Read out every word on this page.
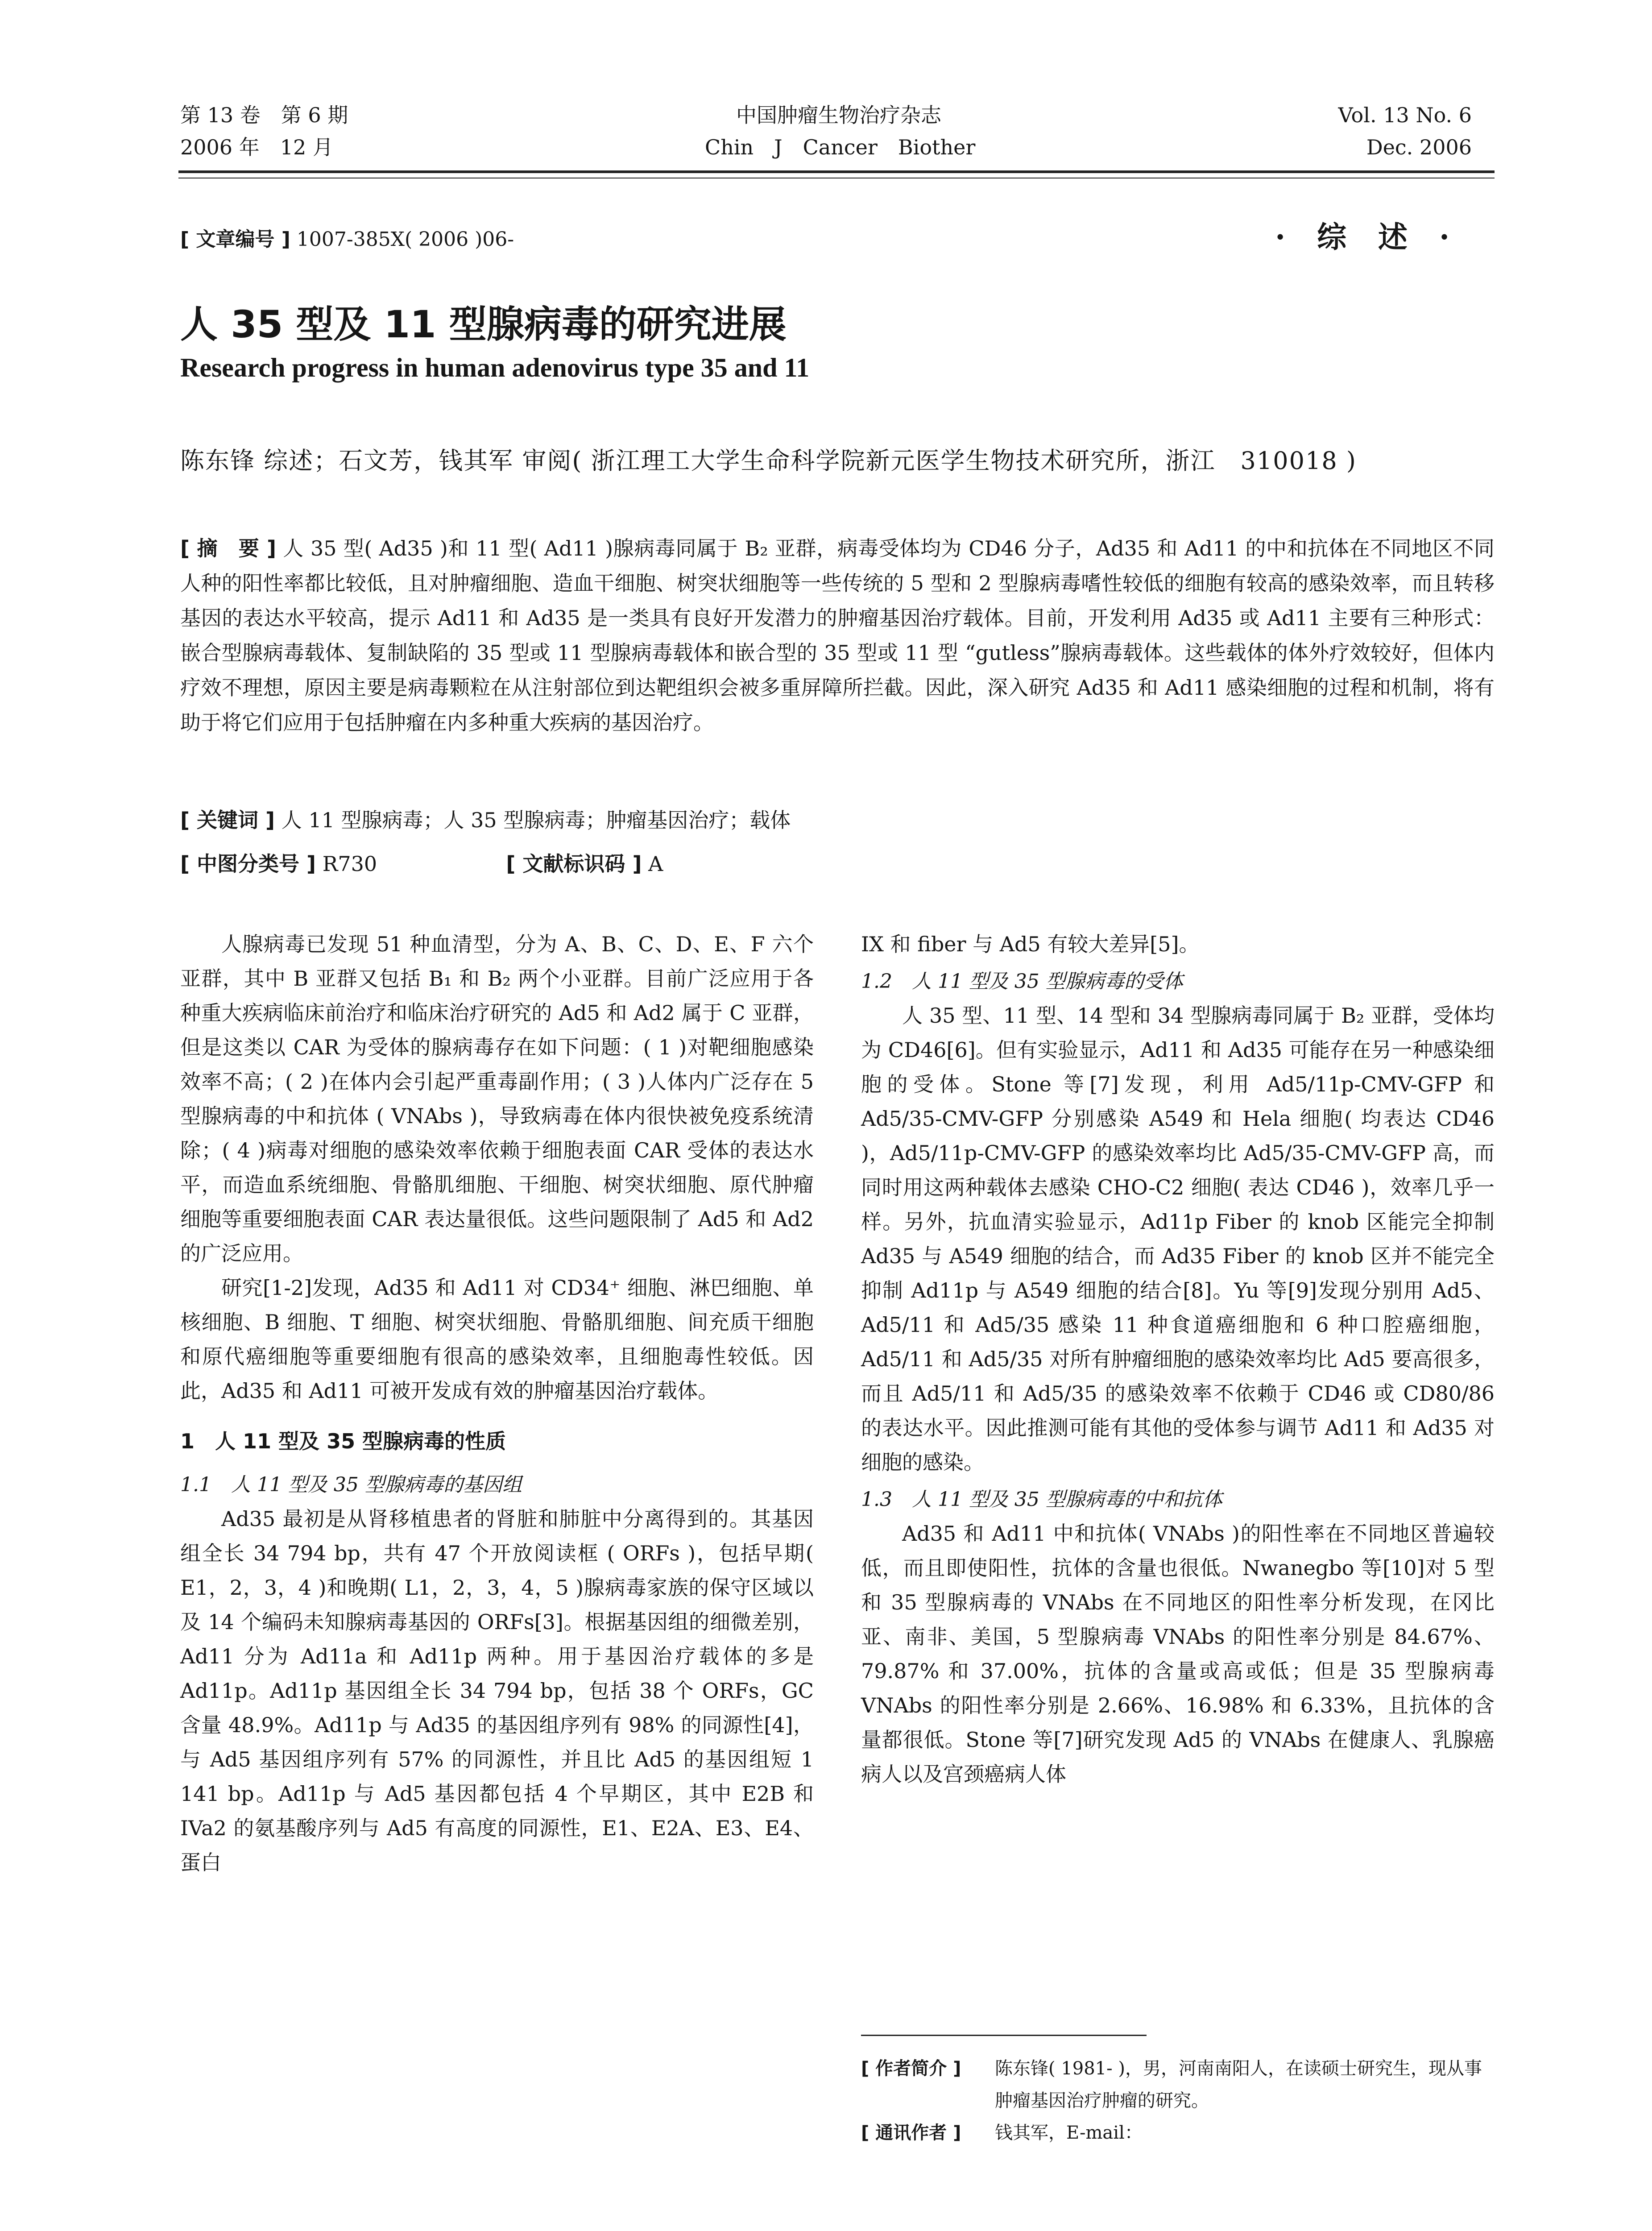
第 13 卷　第 6 期
2006 年　12 月
中国肿瘤生物治疗杂志
Chin　J　Cancer　Biother
Vol. 13 No. 6
Dec. 2006
[ 文章编号 ] 1007-385X( 2006 )06-	· 综 述 ·
人 35 型及 11 型腺病毒的研究进展
Research progress in human adenovirus type 35 and 11
陈东锋 综述；石文芳，钱其军 审阅( 浙江理工大学生命科学院新元医学生物技术研究所，浙江　310018 )
[ 摘　要 ] 人 35 型( Ad35 )和 11 型( Ad11 )腺病毒同属于 B₂ 亚群，病毒受体均为 CD46 分子，Ad35 和 Ad11 的中和抗体在不同地区不同人种的阳性率都比较低，且对肿瘤细胞、造血干细胞、树突状细胞等一些传统的 5 型和 2 型腺病毒嗜性较低的细胞有较高的感染效率，而且转移基因的表达水平较高，提示 Ad11 和 Ad35 是一类具有良好开发潜力的肿瘤基因治疗载体。目前，开发利用 Ad35 或 Ad11 主要有三种形式：嵌合型腺病毒载体、复制缺陷的 35 型或 11 型腺病毒载体和嵌合型的 35 型或 11 型 “gutless”腺病毒载体。这些载体的体外疗效较好，但体内疗效不理想，原因主要是病毒颗粒在从注射部位到达靶组织会被多重屏障所拦截。因此，深入研究 Ad35 和 Ad11 感染细胞的过程和机制，将有助于将它们应用于包括肿瘤在内多种重大疾病的基因治疗。
[ 关键词 ] 人 11 型腺病毒；人 35 型腺病毒；肿瘤基因治疗；载体
[ 中图分类号 ] R730	[ 文献标识码 ] A

人腺病毒已发现 51 种血清型，分为 A、B、C、D、E、F 六个亚群，其中 B 亚群又包括 B₁ 和 B₂ 两个小亚群。目前广泛应用于各种重大疾病临床前治疗和临床治疗研究的 Ad5 和 Ad2 属于 C 亚群，但是这类以 CAR 为受体的腺病毒存在如下问题：( 1 )对靶细胞感染效率不高；( 2 )在体内会引起严重毒副作用；( 3 )人体内广泛存在 5 型腺病毒的中和抗体 ( VNAbs )，导致病毒在体内很快被免疫系统清除；( 4 )病毒对细胞的感染效率依赖于细胞表面 CAR 受体的表达水平，而造血系统细胞、骨骼肌细胞、干细胞、树突状细胞、原代肿瘤细胞等重要细胞表面 CAR 表达量很低。这些问题限制了 Ad5 和 Ad2 的广泛应用。

研究[1-2]发现，Ad35 和 Ad11 对 CD34⁺ 细胞、淋巴细胞、单核细胞、B 细胞、T 细胞、树突状细胞、骨骼肌细胞、间充质干细胞和原代癌细胞等重要细胞有很高的感染效率，且细胞毒性较低。因此，Ad35 和 Ad11 可被开发成有效的肿瘤基因治疗载体。

1　人 11 型及 35 型腺病毒的性质
1.1　人 11 型及 35 型腺病毒的基因组

Ad35 最初是从肾移植患者的肾脏和肺脏中分离得到的。其基因组全长 34 794 bp，共有 47 个开放阅读框 ( ORFs )，包括早期( E1，2，3，4 )和晚期( L1，2，3，4，5 )腺病毒家族的保守区域以及 14 个编码未知腺病毒基因的 ORFs[3]。根据基因组的细微差别，Ad11 分为 Ad11a 和 Ad11p 两种。用于基因治疗载体的多是 Ad11p。Ad11p 基因组全长 34 794 bp，包括 38 个 ORFs，GC 含量 48.9%。Ad11p 与 Ad35 的基因组序列有 98% 的同源性[4]，与 Ad5 基因组序列有 57% 的同源性，并且比 Ad5 的基因组短 1 141 bp。Ad11p 与 Ad5 基因都包括 4 个早期区，其中 E2B 和 IVa2 的氨基酸序列与 Ad5 有高度的同源性，E1、E2A、E3、E4、蛋白

IX 和 fiber 与 Ad5 有较大差异[5]。

1.2　人 11 型及 35 型腺病毒的受体

人 35 型、11 型、14 型和 34 型腺病毒同属于 B₂ 亚群，受体均为 CD46[6]。但有实验显示，Ad11 和 Ad35 可能存在另一种感染细胞的受体。Stone 等[7]发现，利用 Ad5/11p-CMV-GFP 和 Ad5/35-CMV-GFP 分别感染 A549 和 Hela 细胞( 均表达 CD46 )，Ad5/11p-CMV-GFP 的感染效率均比 Ad5/35-CMV-GFP 高，而同时用这两种载体去感染 CHO-C2 细胞( 表达 CD46 )，效率几乎一样。另外，抗血清实验显示，Ad11p Fiber 的 knob 区能完全抑制 Ad35 与 A549 细胞的结合，而 Ad35 Fiber 的 knob 区并不能完全抑制 Ad11p 与 A549 细胞的结合[8]。Yu 等[9]发现分别用 Ad5、Ad5/11 和 Ad5/35 感染 11 种食道癌细胞和 6 种口腔癌细胞，Ad5/11 和 Ad5/35 对所有肿瘤细胞的感染效率均比 Ad5 要高很多，而且 Ad5/11 和 Ad5/35 的感染效率不依赖于 CD46 或 CD80/86 的表达水平。因此推测可能有其他的受体参与调节 Ad11 和 Ad35 对细胞的感染。

1.3　人 11 型及 35 型腺病毒的中和抗体

Ad35 和 Ad11 中和抗体( VNAbs )的阳性率在不同地区普遍较低，而且即使阳性，抗体的含量也很低。Nwanegbo 等[10]对 5 型和 35 型腺病毒的 VNAbs 在不同地区的阳性率分析发现，在冈比亚、南非、美国，5 型腺病毒 VNAbs 的阳性率分别是 84.67%、79.87% 和 37.00%，抗体的含量或高或低；但是 35 型腺病毒 VNAbs 的阳性率分别是 2.66%、16.98% 和 6.33%，且抗体的含量都很低。Stone 等[7]研究发现 Ad5 的 VNAbs 在健康人、乳腺癌病人以及宫颈癌病人体

[ 作者简介 ]	陈东锋( 1981- )，男，河南南阳人，在读硕士研究生，现从事肿瘤基因治疗肿瘤的研究。
[ 通讯作者 ]	钱其军，E-mail：
